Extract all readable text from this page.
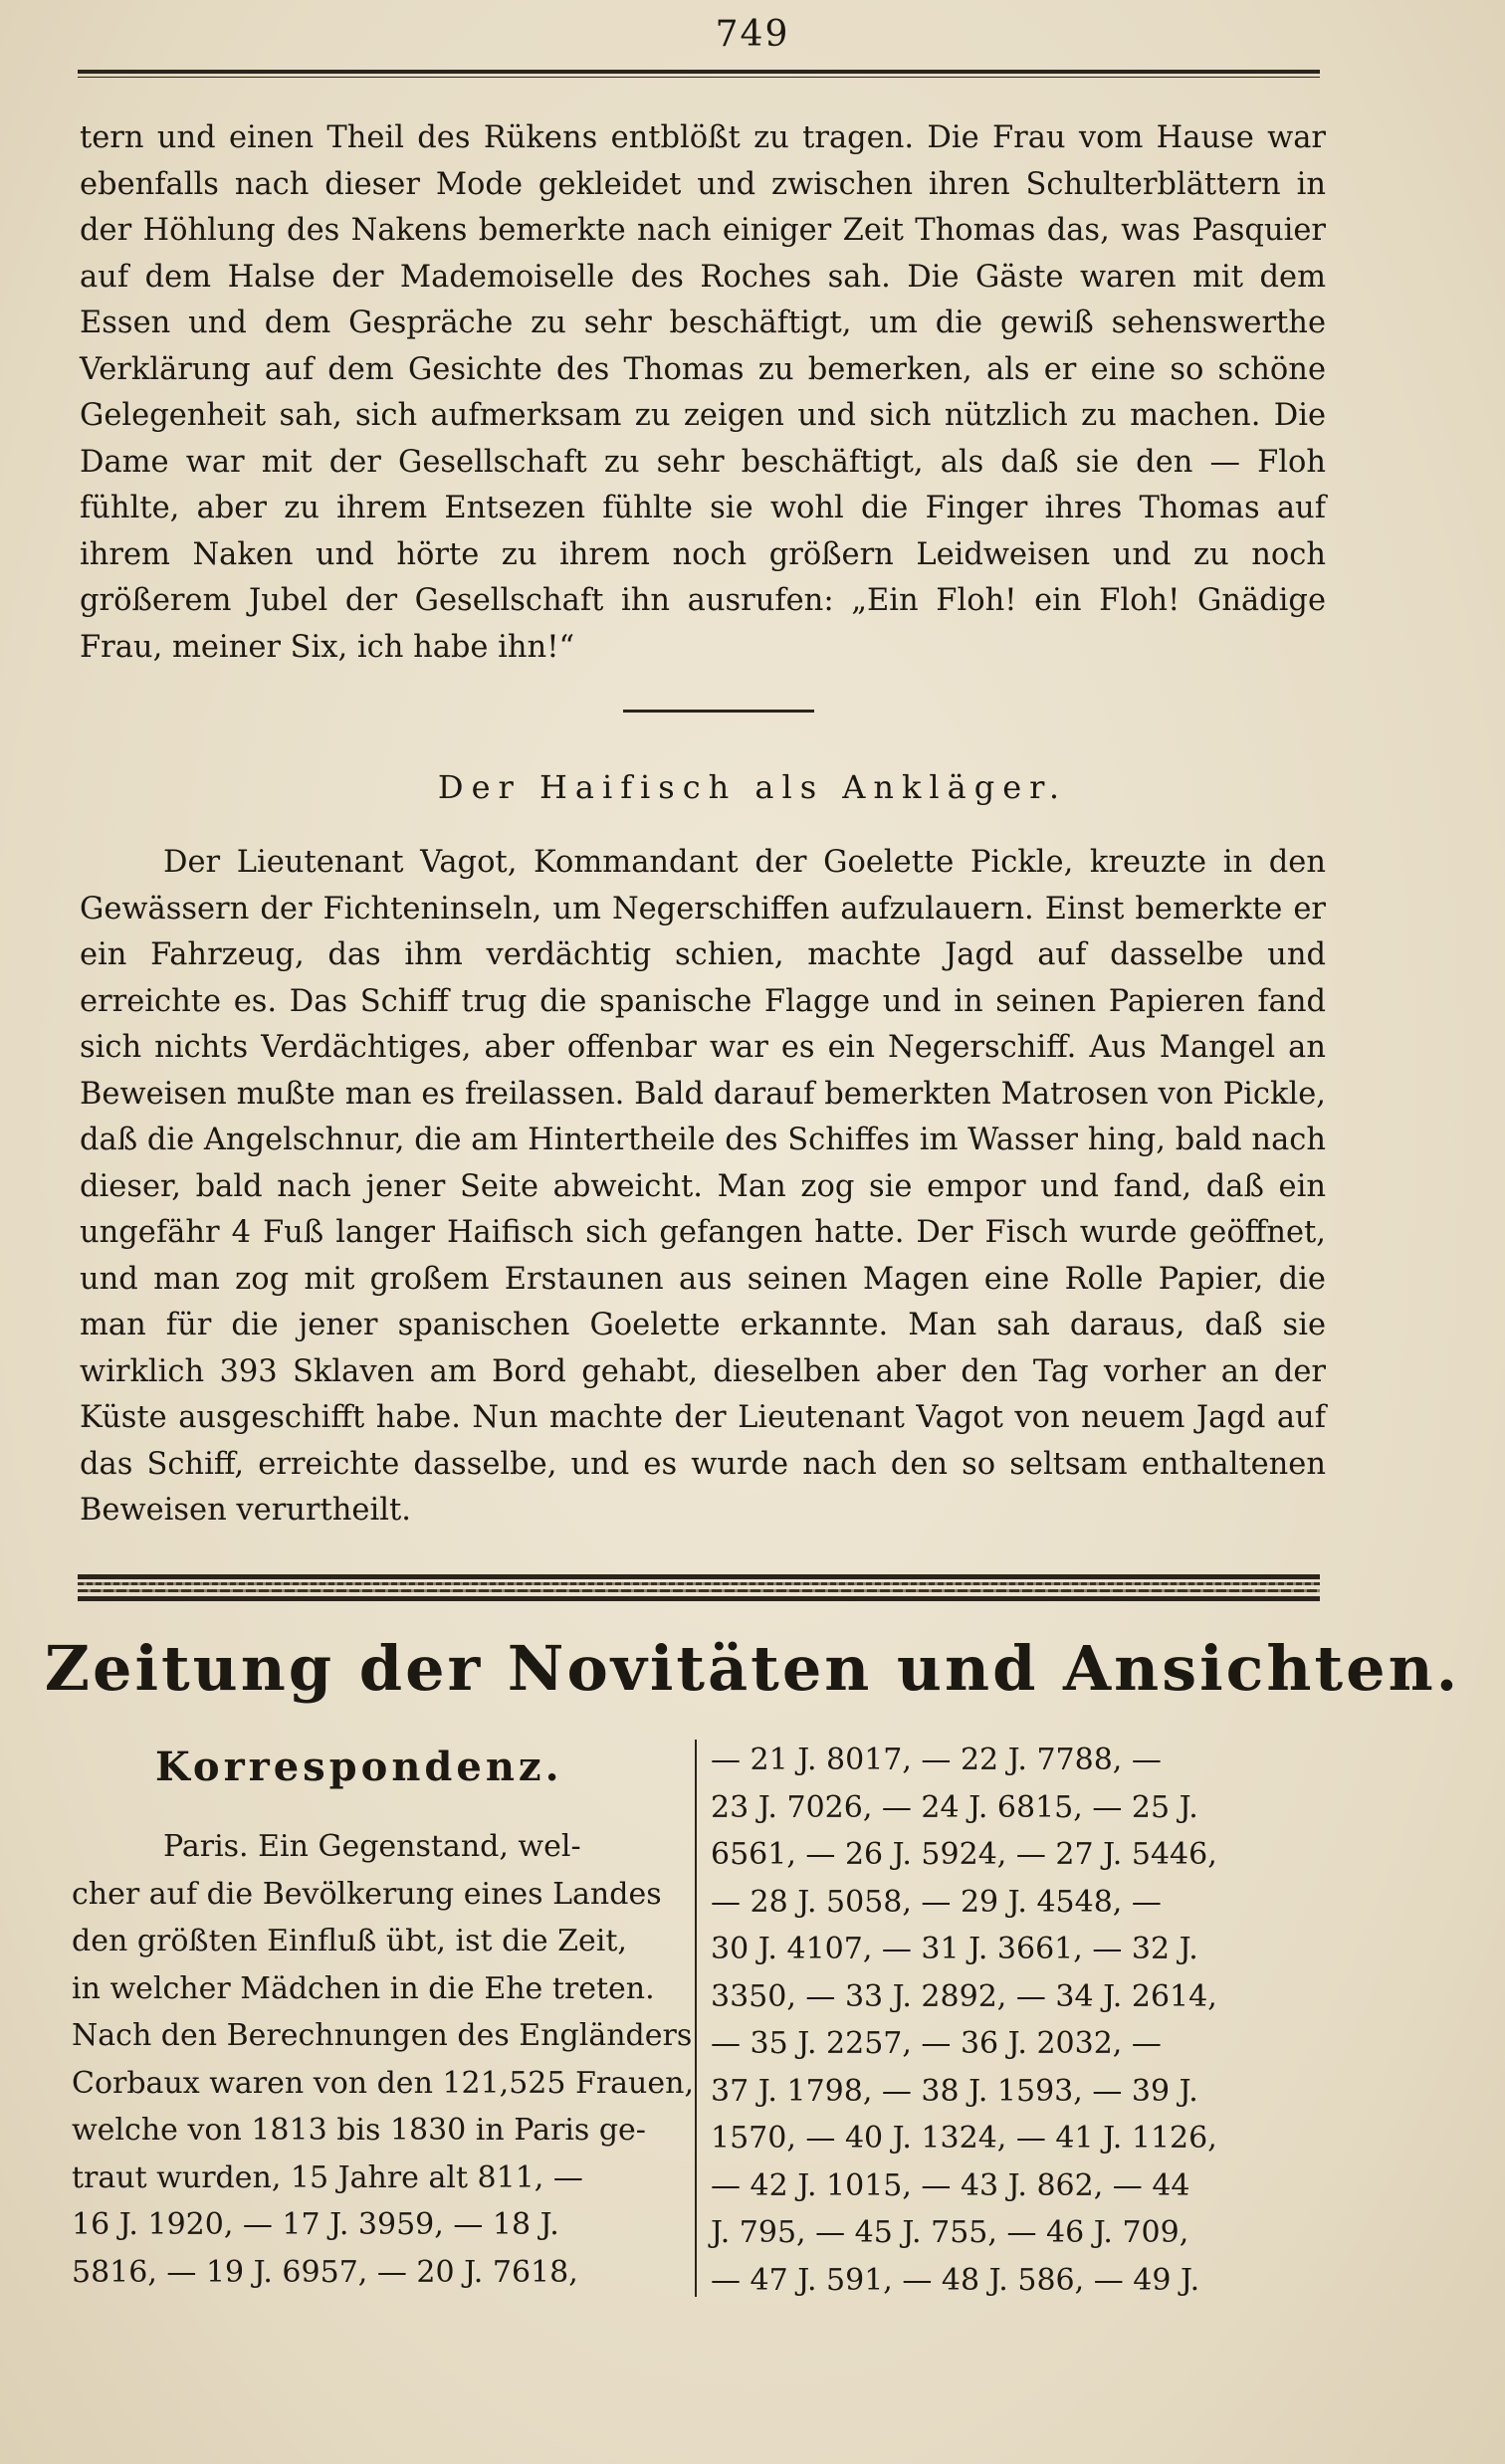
749
tern und einen Theil des Rükens entblößt zu tragen. Die Frau vom Hause war ebenfalls nach dieser Mode gekleidet und zwischen ihren Schulterblättern in der Höhlung des Nakens bemerkte nach einiger Zeit Thomas das, was Pasquier auf dem Halse der Mademoiselle des Roches sah. Die Gäste waren mit dem Essen und dem Gespräche zu sehr beschäftigt, um die gewiß sehenswerthe Verklärung auf dem Gesichte des Thomas zu bemerken, als er eine so schöne Gelegenheit sah, sich aufmerksam zu zeigen und sich nützlich zu machen. Die Dame war mit der Gesellschaft zu sehr beschäftigt, als daß sie den — Floh fühlte, aber zu ihrem Entsezen fühlte sie wohl die Finger ihres Thomas auf ihrem Naken und hörte zu ihrem noch größern Leidweisen und zu noch größerem Jubel der Gesellschaft ihn ausrufen: „Ein Floh! ein Floh! Gnädige Frau, meiner Six, ich habe ihn!“
Der Haifisch als Ankläger.
Der Lieutenant Vagot, Kommandant der Goelette Pickle, kreuzte in den Gewässern der Fichteninseln, um Negerschiffen aufzulauern. Einst bemerkte er ein Fahrzeug, das ihm verdächtig schien, machte Jagd auf dasselbe und erreichte es. Das Schiff trug die spanische Flagge und in seinen Papieren fand sich nichts Verdächtiges, aber offenbar war es ein Negerschiff. Aus Mangel an Beweisen mußte man es freilassen. Bald darauf bemerkten Matrosen von Pickle, daß die Angelschnur, die am Hintertheile des Schiffes im Wasser hing, bald nach dieser, bald nach jener Seite abweicht. Man zog sie empor und fand, daß ein ungefähr 4 Fuß langer Haifisch sich gefangen hatte. Der Fisch wurde geöffnet, und man zog mit großem Erstaunen aus seinen Magen eine Rolle Papier, die man für die jener spanischen Goelette erkannte. Man sah daraus, daß sie wirklich 393 Sklaven am Bord gehabt, dieselben aber den Tag vorher an der Küste ausgeschifft habe. Nun machte der Lieutenant Vagot von neuem Jagd auf das Schiff, erreichte dasselbe, und es wurde nach den so seltsam enthaltenen Beweisen verurtheilt.
Zeitung der Novitäten und Ansichten.
Korrespondenz.
Paris. Ein Gegenstand, wel-
cher auf die Bevölkerung eines Landes
den größten Einfluß übt, ist die Zeit,
in welcher Mädchen in die Ehe treten.
Nach den Berechnungen des Engländers
Corbaux waren von den 121,525 Frauen,
welche von 1813 bis 1830 in Paris ge-
traut wurden, 15 Jahre alt 811, —
16 J. 1920, — 17 J. 3959, — 18 J.
5816, — 19 J. 6957, — 20 J. 7618,
— 21 J. 8017, — 22 J. 7788, —
23 J. 7026, — 24 J. 6815, — 25 J.
6561, — 26 J. 5924, — 27 J. 5446,
— 28 J. 5058, — 29 J. 4548, —
30 J. 4107, — 31 J. 3661, — 32 J.
3350, — 33 J. 2892, — 34 J. 2614,
— 35 J. 2257, — 36 J. 2032, —
37 J. 1798, — 38 J. 1593, — 39 J.
1570, — 40 J. 1324, — 41 J. 1126,
— 42 J. 1015, — 43 J. 862, — 44
J. 795, — 45 J. 755, — 46 J. 709,
— 47 J. 591, — 48 J. 586, — 49 J.
